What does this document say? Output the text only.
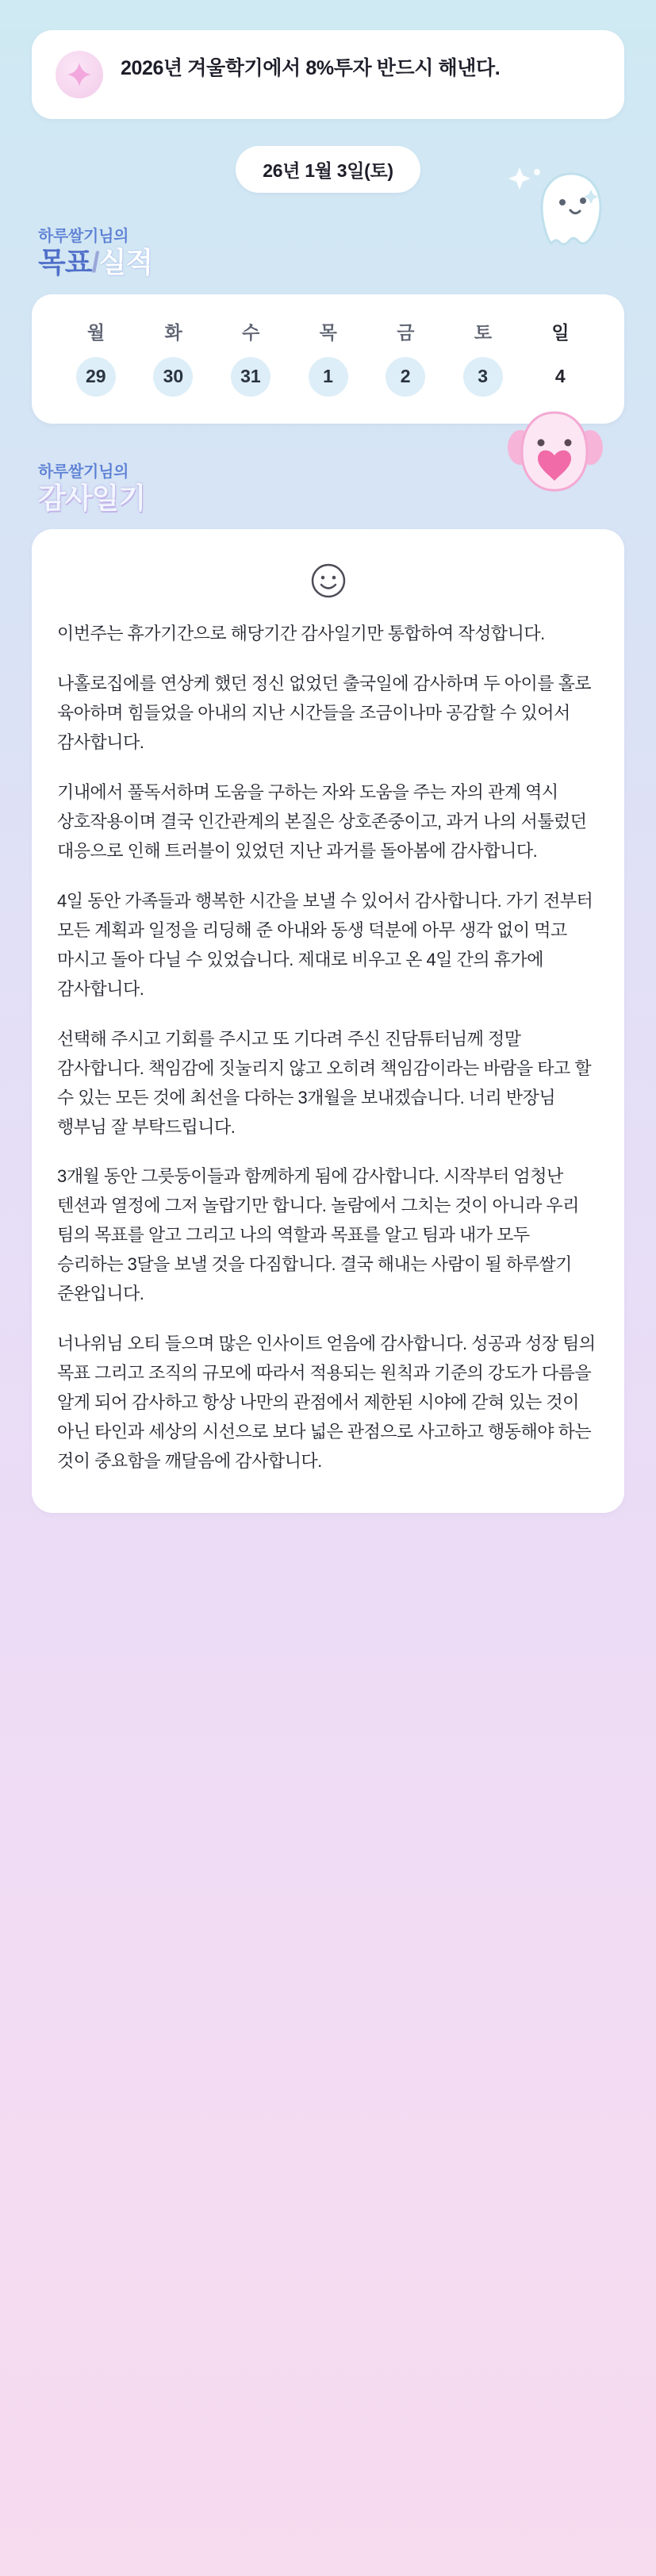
2026년 겨울학기에서 8%투자 반드시 해낸다.
26년 1월 3일(토)
하루쌀기님의
목표/실적
월
29
화
30
수
31
목
1
금
2
토
3
일
4
하루쌀기님의
감사일기

이번주는 휴가기간으로 해당기간 감사일기만 통합하여 작성합니다.

나홀로집에를 연상케 했던 정신 없었던 출국일에 감사하며 두 아이를 홀로 육아하며 힘들었을 아내의 지난 시간들을 조금이나마 공감할 수 있어서 감사합니다.

기내에서 풀독서하며 도움을 구하는 자와 도움을 주는 자의 관계 역시 상호작용이며 결국 인간관계의 본질은 상호존중이고, 과거 나의 서툴렀던 대응으로 인해 트러블이 있었던 지난 과거를 돌아봄에 감사합니다.

4일 동안 가족들과 행복한 시간을 보낼 수 있어서 감사합니다. 가기 전부터 모든 계획과 일정을 리딩해 준 아내와 동생 덕분에 아무 생각 없이 먹고 마시고 돌아 다닐 수 있었습니다. 제대로 비우고 온 4일 간의 휴가에 감사합니다.

선택해 주시고 기회를 주시고 또 기다려 주신 진담튜터님께 정말 감사합니다. 책임감에 짓눌리지 않고 오히려 책임감이라는 바람을 타고 할 수 있는 모든 것에 최선을 다하는 3개월을 보내겠습니다. 너리 반장님 행부님 잘 부탁드립니다.

3개월 동안 그릇둥이들과 함께하게 됨에 감사합니다. 시작부터 엄청난 텐션과 열정에 그저 놀랍기만 합니다. 놀람에서 그치는 것이 아니라 우리 팀의 목표를 알고 그리고 나의 역할과 목표를 알고 팀과 내가 모두 승리하는 3달을 보낼 것을 다짐합니다. 결국 해내는 사람이 될 하루쌀기 준완입니다.

너나위님 오티 들으며 많은 인사이트 얻음에 감사합니다. 성공과 성장 팀의 목표 그리고 조직의 규모에 따라서 적용되는 원칙과 기준의 강도가 다름을 알게 되어 감사하고 항상 나만의 관점에서 제한된 시야에 갇혀 있는 것이 아닌 타인과 세상의 시선으로 보다 넓은 관점으로 사고하고 행동해야 하는 것이 중요함을 깨달음에 감사합니다.
